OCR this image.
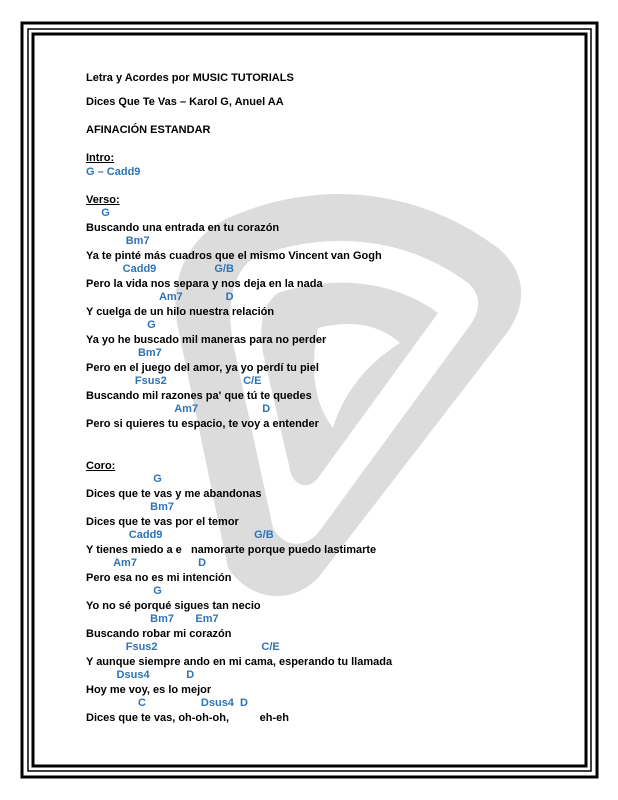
Letra y Acordes por MUSIC TUTORIALS
Dices Que Te Vas – Karol G, Anuel AA
AFINACIÓN ESTANDAR
Intro:
G – Cadd9
Verso:
G
Buscando una entrada en tu corazón
Bm7
Ya te pinté más cuadros que el mismo Vincent van Gogh
Cadd9                   G/B
Pero la vida nos separa y nos deja en la nada
Am7              D
Y cuelga de un hilo nuestra relación
G
Ya yo he buscado mil maneras para no perder
Bm7
Pero en el juego del amor, ya yo perdí tu piel
Fsus2                         C/E
Buscando mil razones pa' que tú te quedes
Am7                     D
Pero si quieres tu espacio, te voy a entender
Coro:
G
Dices que te vas y me abandonas
Bm7
Dices que te vas por el temor
Cadd9                              G/B
Y tienes miedo a e   namorarte porque puedo lastimarte
Am7                    D
Pero esa no es mi intención
G
Yo no sé porqué sigues tan necio
Bm7       Em7
Buscando robar mi corazón
Fsus2                                  C/E
Y aunque siempre ando en mi cama, esperando tu llamada
Dsus4            D
Hoy me voy, es lo mejor
C                  Dsus4  D
Dices que te vas, oh-oh-oh,          eh-eh
